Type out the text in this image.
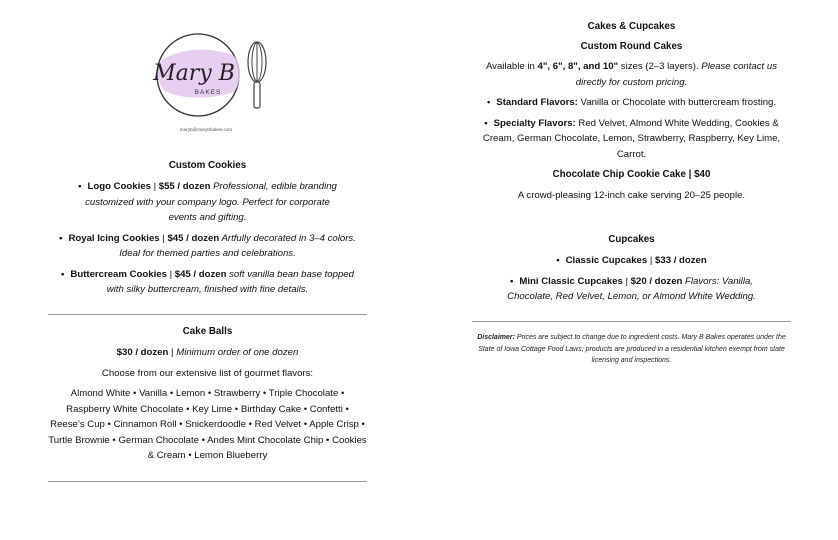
Mary B
BAKES
maryb@marybbakes.com
Custom Cookies
• Logo Cookies | $55 / dozen Professional, edible branding customized with your company logo. Perfect for corporate events and gifting.
• Royal Icing Cookies | $45 / dozen Artfully decorated in 3–4 colors. Ideal for themed parties and celebrations.
• Buttercream Cookies | $45 / dozen soft vanilla bean base topped with silky buttercream, finished with fine details.
Cake Balls

$30 / dozen | Minimum order of one dozen

Choose from our extensive list of gourmet flavors:

Almond White • Vanilla • Lemon • Strawberry • Triple Chocolate • Raspberry White Chocolate • Key Lime • Birthday Cake • Confetti • Reese’s Cup • Cinnamon Roll • Snickerdoodle • Red Velvet • Apple Crisp • Turtle Brownie • German Chocolate • Andes Mint Chocolate Chip • Cookies & Cream • Lemon Blueberry

Cakes & Cupcakes
Custom Round Cakes

Available in 4", 6", 8", and 10" sizes (2–3 layers). Please contact us directly for custom pricing.

• Standard Flavors: Vanilla or Chocolate with buttercream frosting.
• Specialty Flavors: Red Velvet, Almond White Wedding, Cookies & Cream, German Chocolate, Lemon, Strawberry, Raspberry, Key Lime, Carrot.
Chocolate Chip Cookie Cake | $40

A crowd-pleasing 12-inch cake serving 20–25 people.

Cupcakes
• Classic Cupcakes | $33 / dozen
• Mini Classic Cupcakes | $20 / dozen Flavors: Vanilla, Chocolate, Red Velvet, Lemon, or Almond White Wedding.

Disclaimer: Prices are subject to change due to ingredient costs. Mary B Bakes operates under the State of Iowa Cottage Food Laws; products are produced in a residential kitchen exempt from state licensing and inspections.
